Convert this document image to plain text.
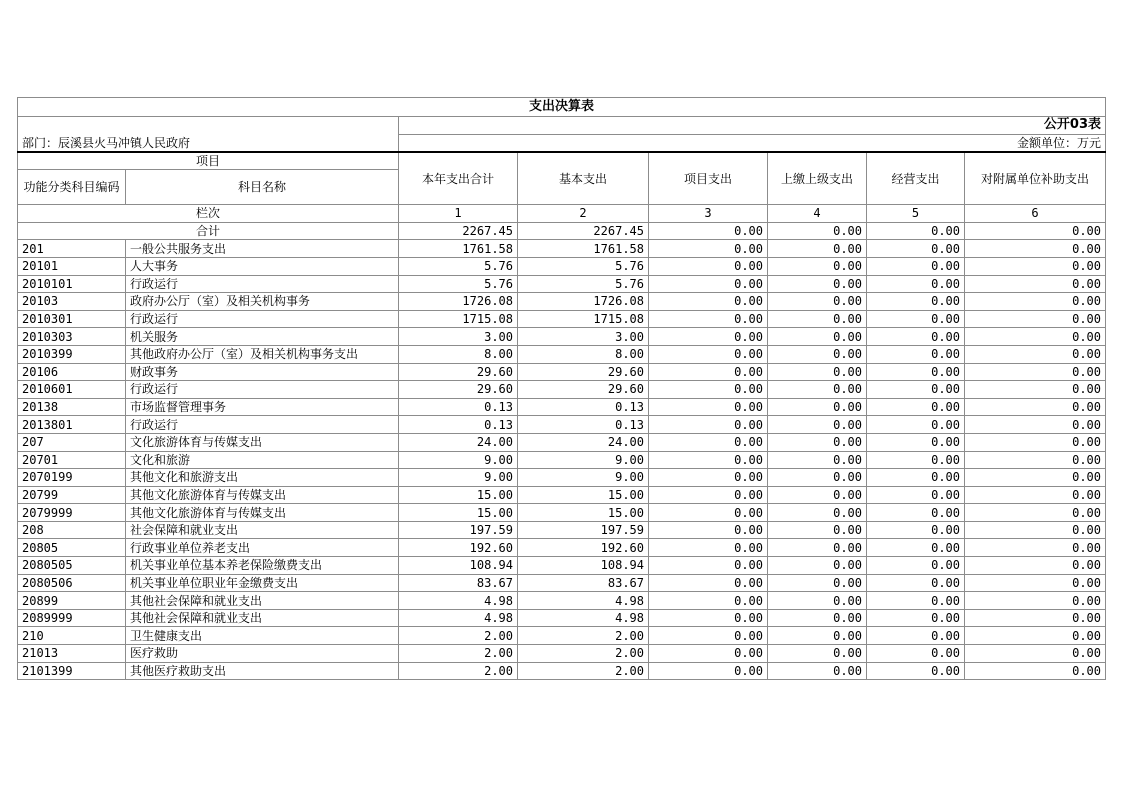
支出决算表							
		公开03表					
部门：辰溪县火马冲镇人民政府		金额单位：万元					
项目		本年支出合计	基本支出	项目支出	上缴上级支出	经营支出	对附属单位补助支出
功能分类科目编码	科目名称						
栏次		1	2	3	4	5	6
合计		2267.45	2267.45	0.00	0.00	0.00	0.00
201	一般公共服务支出	1761.58	1761.58	0.00	0.00	0.00	0.00
20101	人大事务	5.76	5.76	0.00	0.00	0.00	0.00
2010101	行政运行	5.76	5.76	0.00	0.00	0.00	0.00
20103	政府办公厅（室）及相关机构事务	1726.08	1726.08	0.00	0.00	0.00	0.00
2010301	行政运行	1715.08	1715.08	0.00	0.00	0.00	0.00
2010303	机关服务	3.00	3.00	0.00	0.00	0.00	0.00
2010399	其他政府办公厅（室）及相关机构事务支出	8.00	8.00	0.00	0.00	0.00	0.00
20106	财政事务	29.60	29.60	0.00	0.00	0.00	0.00
2010601	行政运行	29.60	29.60	0.00	0.00	0.00	0.00
20138	市场监督管理事务	0.13	0.13	0.00	0.00	0.00	0.00
2013801	行政运行	0.13	0.13	0.00	0.00	0.00	0.00
207	文化旅游体育与传媒支出	24.00	24.00	0.00	0.00	0.00	0.00
20701	文化和旅游	9.00	9.00	0.00	0.00	0.00	0.00
2070199	其他文化和旅游支出	9.00	9.00	0.00	0.00	0.00	0.00
20799	其他文化旅游体育与传媒支出	15.00	15.00	0.00	0.00	0.00	0.00
2079999	其他文化旅游体育与传媒支出	15.00	15.00	0.00	0.00	0.00	0.00
208	社会保障和就业支出	197.59	197.59	0.00	0.00	0.00	0.00
20805	行政事业单位养老支出	192.60	192.60	0.00	0.00	0.00	0.00
2080505	机关事业单位基本养老保险缴费支出	108.94	108.94	0.00	0.00	0.00	0.00
2080506	机关事业单位职业年金缴费支出	83.67	83.67	0.00	0.00	0.00	0.00
20899	其他社会保障和就业支出	4.98	4.98	0.00	0.00	0.00	0.00
2089999	其他社会保障和就业支出	4.98	4.98	0.00	0.00	0.00	0.00
210	卫生健康支出	2.00	2.00	0.00	0.00	0.00	0.00
21013	医疗救助	2.00	2.00	0.00	0.00	0.00	0.00
2101399	其他医疗救助支出	2.00	2.00	0.00	0.00	0.00	0.00
